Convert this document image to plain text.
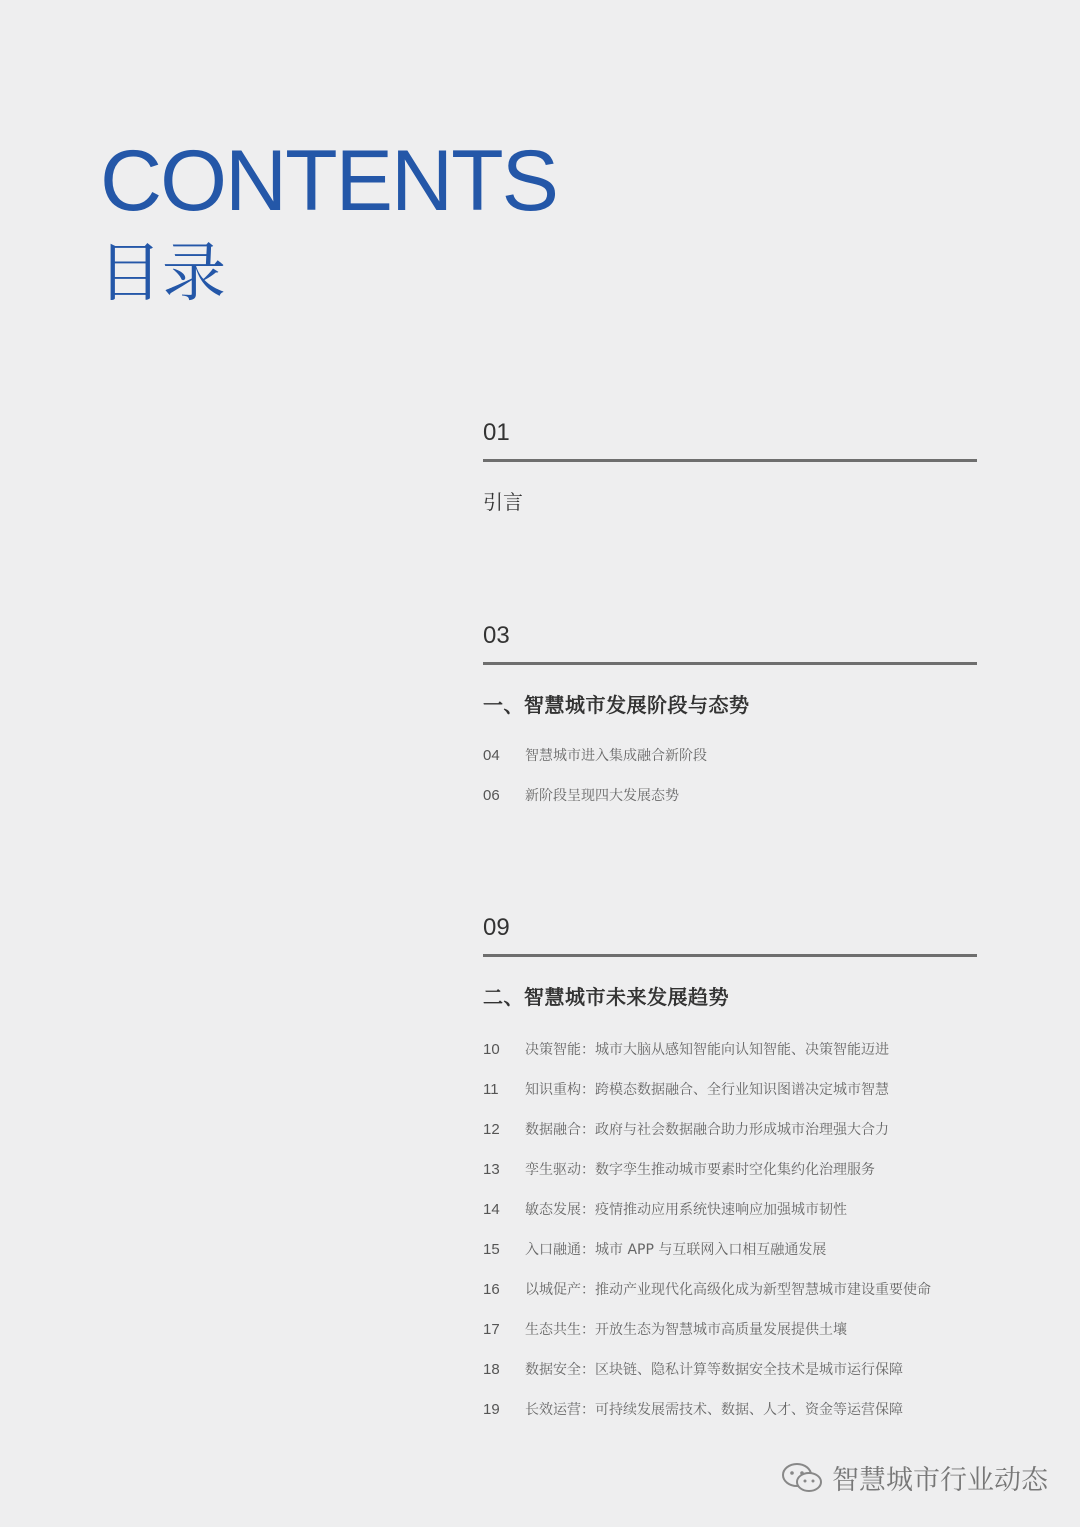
CONTENTS
目录
01
引言
03
一、智慧城市发展阶段与态势
04	智慧城市进入集成融合新阶段
06	新阶段呈现四大发展态势
09
二、智慧城市未来发展趋势
10	决策智能：城市大脑从感知智能向认知智能、决策智能迈进
11	知识重构：跨模态数据融合、全行业知识图谱决定城市智慧
12	数据融合：政府与社会数据融合助力形成城市治理强大合力
13	孪生驱动：数字孪生推动城市要素时空化集约化治理服务
14	敏态发展：疫情推动应用系统快速响应加强城市韧性
15	入口融通：城市 APP 与互联网入口相互融通发展
16	以城促产：推动产业现代化高级化成为新型智慧城市建设重要使命
17	生态共生：开放生态为智慧城市高质量发展提供土壤
18	数据安全：区块链、隐私计算等数据安全技术是城市运行保障
19	长效运营：可持续发展需技术、数据、人才、资金等运营保障
智慧城市行业动态
